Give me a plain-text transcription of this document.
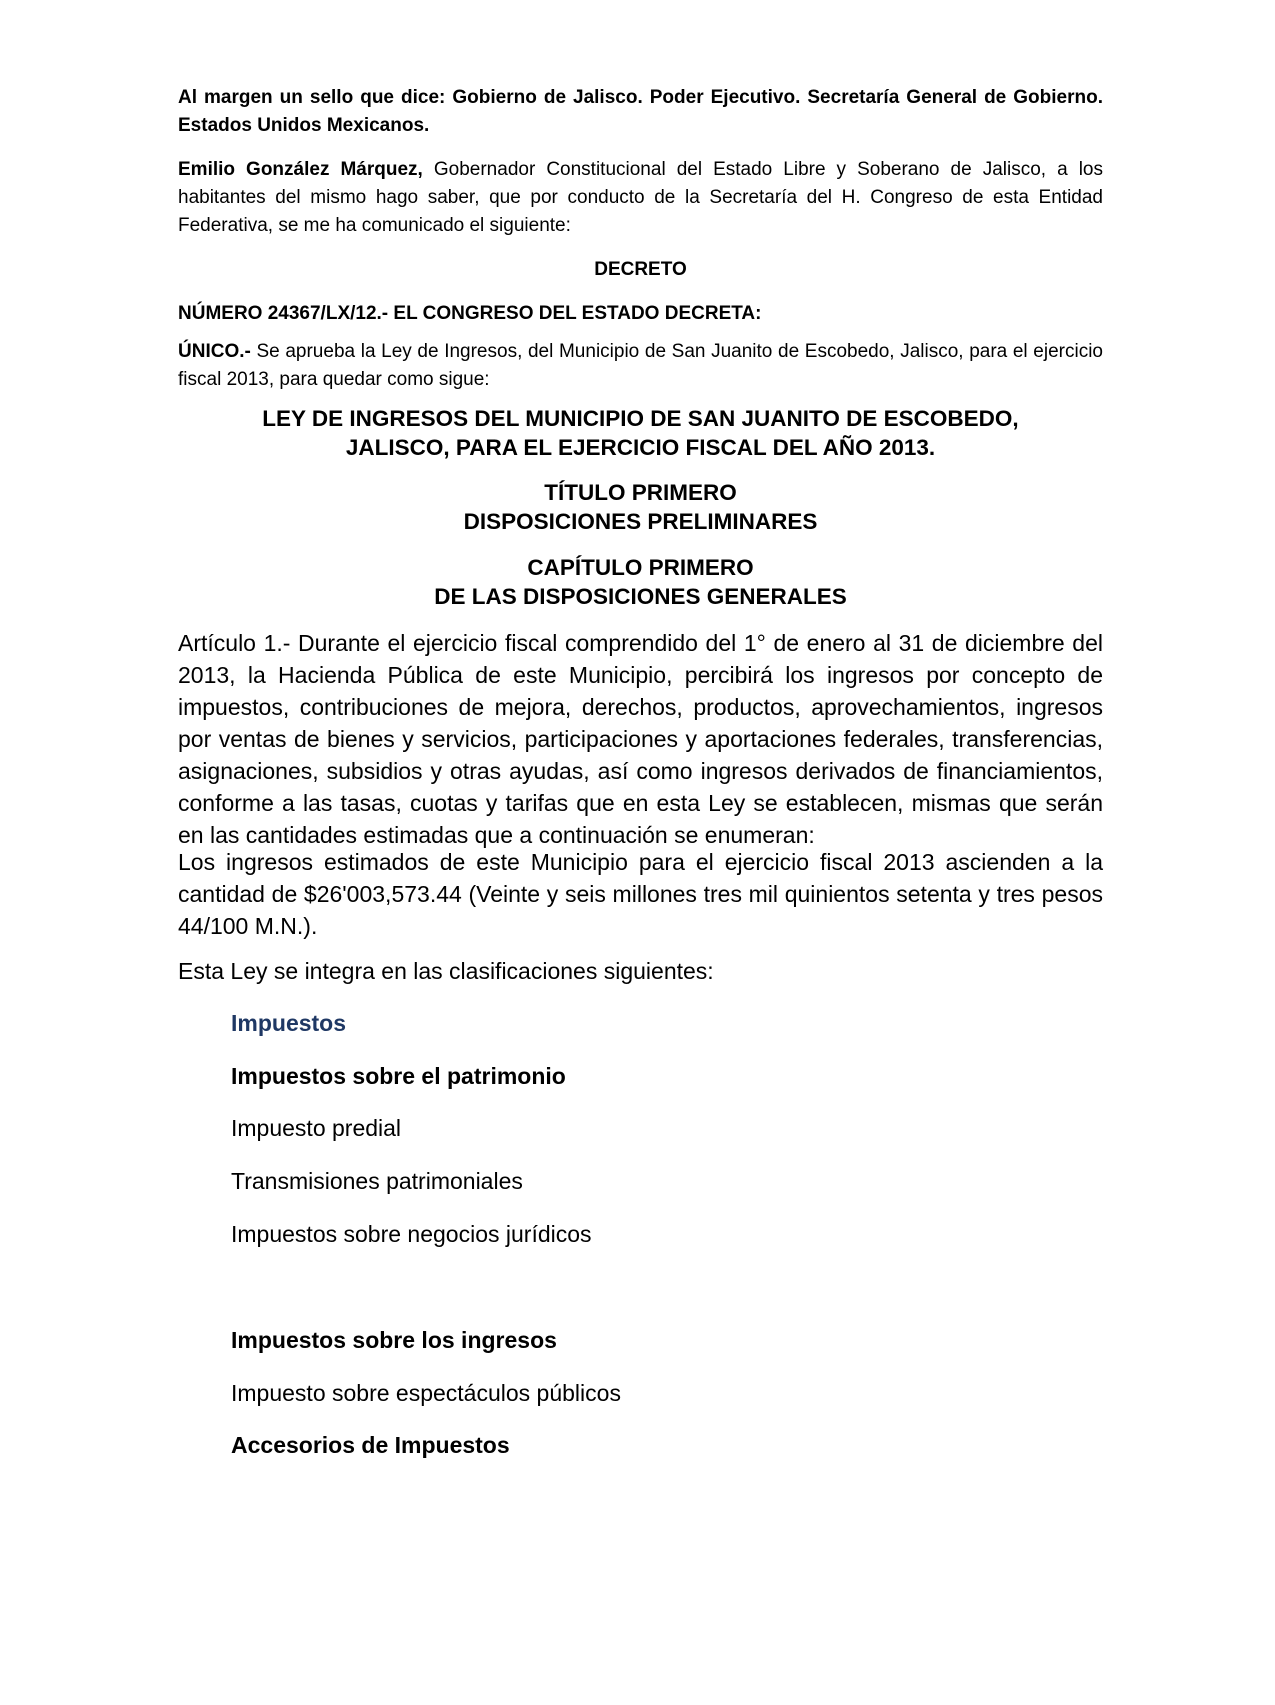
Al margen un sello que dice: Gobierno de Jalisco. Poder Ejecutivo. Secretaría General de Gobierno. Estados Unidos Mexicanos.

Emilio González Márquez, Gobernador Constitucional del Estado Libre y Soberano de Jalisco, a los habitantes del mismo hago saber, que por conducto de la Secretaría del H. Congreso de esta Entidad Federativa, se me ha comunicado el siguiente:

DECRETO

NÚMERO 24367/LX/12.- EL CONGRESO DEL ESTADO DECRETA:

ÚNICO.- Se aprueba la Ley de Ingresos, del Municipio de San Juanito de Escobedo, Jalisco, para el ejercicio fiscal 2013, para quedar como sigue:

LEY DE INGRESOS DEL MUNICIPIO DE SAN JUANITO DE ESCOBEDO,
JALISCO, PARA EL EJERCICIO FISCAL DEL AÑO 2013.
TÍTULO PRIMERO
DISPOSICIONES PRELIMINARES
CAPÍTULO PRIMERO
DE LAS DISPOSICIONES GENERALES

Artículo 1.- Durante el ejercicio fiscal comprendido del 1° de enero al 31 de diciembre del 2013, la Hacienda Pública de este Municipio, percibirá los ingresos por concepto de impuestos, contribuciones de mejora, derechos, productos, aprovechamientos, ingresos por ventas de bienes y servicios, participaciones y aportaciones federales, transferencias, asignaciones, subsidios y otras ayudas, así como ingresos derivados de financiamientos, conforme a las tasas, cuotas y tarifas que en esta Ley se establecen, mismas que serán en las cantidades estimadas que a continuación se enumeran:

Los ingresos estimados de este Municipio para el ejercicio fiscal 2013 ascienden a la cantidad de $26'003,573.44 (Veinte y seis millones tres mil quinientos setenta y tres pesos 44/100 M.N.).

Esta Ley se integra en las clasificaciones siguientes:

Impuestos
Impuestos sobre el patrimonio
Impuesto predial
Transmisiones patrimoniales
Impuestos sobre negocios jurídicos
Impuestos sobre los ingresos
Impuesto sobre espectáculos públicos
Accesorios de Impuestos
